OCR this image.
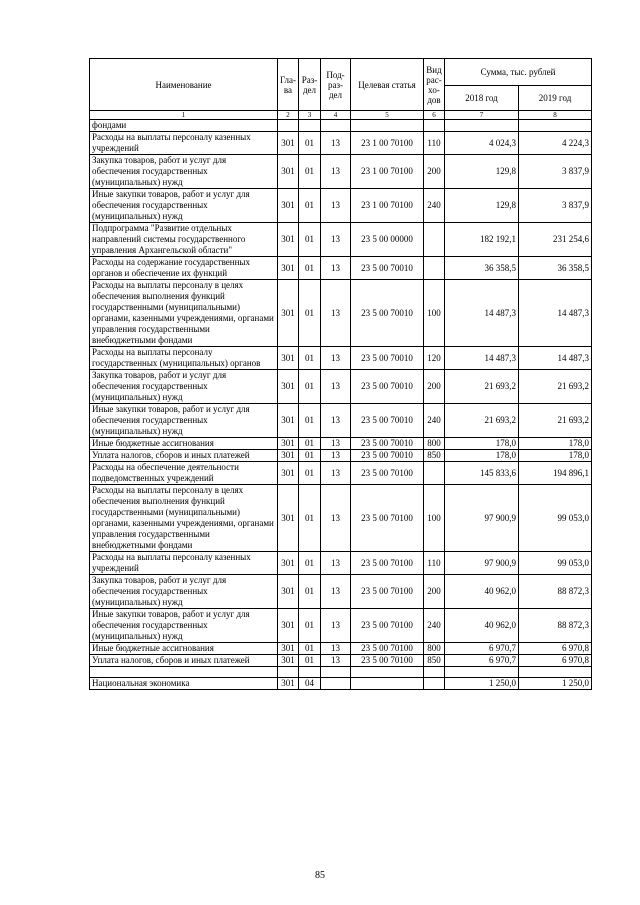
Наименование	Гла-ва	Раз-дел	Под-раз-дел	Целевая статья	Вид рас-хо-дов	Сумма, тыс. рублей	
						2018 год	2019 год
1	2	3	4	5	6	7	8
фондами							
Расходы на выплаты персоналу казенных учреждений	301	01	13	23 1 00 70100	110	4 024,3	4 224,3
Закупка товаров, работ и услуг для обеспечения государственных (муниципальных) нужд	301	01	13	23 1 00 70100	200	129,8	3 837,9
Иные закупки товаров, работ и услуг для обеспечения государственных (муниципальных) нужд	301	01	13	23 1 00 70100	240	129,8	3 837,9
Подпрограмма "Развитие отдельных направлений системы государственного управления Архангельской области"	301	01	13	23 5 00 00000		182 192,1	231 254,6
Расходы на содержание государственных органов и обеспечение их функций	301	01	13	23 5 00 70010		36 358,5	36 358,5
Расходы на выплаты персоналу в целях обеспечения выполнения функций государственными (муниципальными) органами, казенными учреждениями, органами управления государственными внебюджетными фондами	301	01	13	23 5 00 70010	100	14 487,3	14 487,3
Расходы на выплаты персоналу государственных (муниципальных) органов	301	01	13	23 5 00 70010	120	14 487,3	14 487,3
Закупка товаров, работ и услуг для обеспечения государственных (муниципальных) нужд	301	01	13	23 5 00 70010	200	21 693,2	21 693,2
Иные закупки товаров, работ и услуг для обеспечения государственных (муниципальных) нужд	301	01	13	23 5 00 70010	240	21 693,2	21 693,2
Иные бюджетные ассигнования	301	01	13	23 5 00 70010	800	178,0	178,0
Уплата налогов, сборов и иных платежей	301	01	13	23 5 00 70010	850	178,0	178,0
Расходы на обеспечение деятельности подведомственных учреждений	301	01	13	23 5 00 70100		145 833,6	194 896,1
Расходы на выплаты персоналу в целях обеспечения выполнения функций государственными (муниципальными) органами, казенными учреждениями, органами управления государственными внебюджетными фондами	301	01	13	23 5 00 70100	100	97 900,9	99 053,0
Расходы на выплаты персоналу казенных учреждений	301	01	13	23 5 00 70100	110	97 900,9	99 053,0
Закупка товаров, работ и услуг для обеспечения государственных (муниципальных) нужд	301	01	13	23 5 00 70100	200	40 962,0	88 872,3
Иные закупки товаров, работ и услуг для обеспечения государственных (муниципальных) нужд	301	01	13	23 5 00 70100	240	40 962,0	88 872,3
Иные бюджетные ассигнования	301	01	13	23 5 00 70100	800	6 970,7	6 970,8
Уплата налогов, сборов и иных платежей	301	01	13	23 5 00 70100	850	6 970,7	6 970,8

Национальная экономика	301	04				1 250,0	1 250,0
85
